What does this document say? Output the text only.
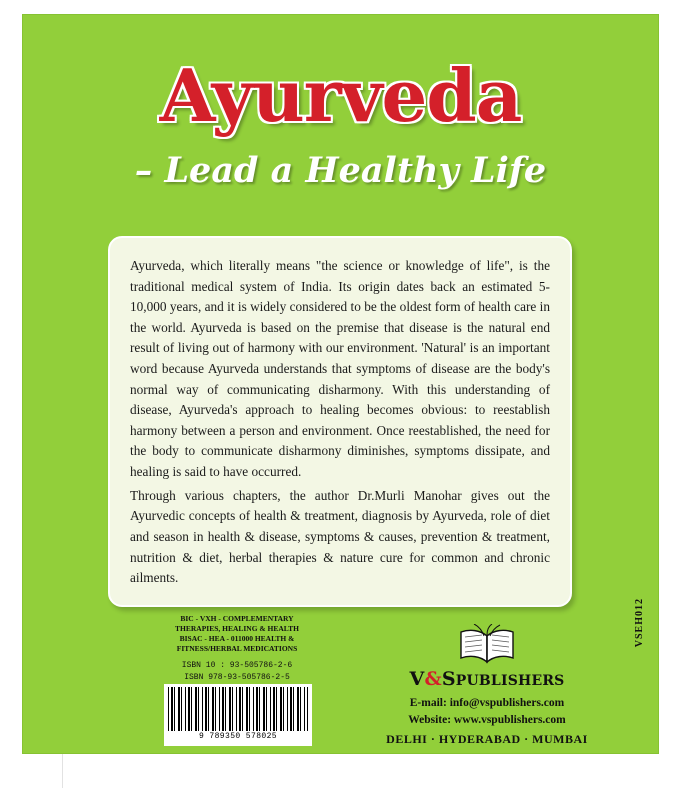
Ayurveda
– Lead a Healthy Life

Ayurveda, which literally means "the science or knowledge of life", is the traditional medical system of India. Its origin dates back an estimated 5-10,000 years, and it is widely considered to be the oldest form of health care in the world. Ayurveda is based on the premise that disease is the natural end result of living out of harmony with our environment. 'Natural' is an important word because Ayurveda understands that symptoms of disease are the body's normal way of communicating disharmony. With this understanding of disease, Ayurveda's approach to healing becomes obvious: to reestablish harmony between a person and environment. Once reestablished, the need for the body to communicate disharmony diminishes, symptoms dissipate, and healing is said to have occurred.

Through various chapters, the author Dr.Murli Manohar gives out the Ayurvedic concepts of health & treatment, diagnosis by Ayurveda, role of diet and season in health & disease, symptoms & causes, prevention & treatment, nutrition & diet, herbal therapies & nature cure for common and chronic ailments.

BIC - VXH - COMPLEMENTARY
THERAPIES, HEALING & HEALTH
BISAC - HEA - 011000 HEALTH &
FITNESS/HERBAL MEDICATIONS
ISBN 10 : 93-505786-2-6
ISBN 978-93-505786-2-5
9 789350 578025
V&SPUBLISHERS
E-mail: info@vspublishers.com
Website: www.vspublishers.com
DELHI · HYDERABAD · MUMBAI
VSEH012
